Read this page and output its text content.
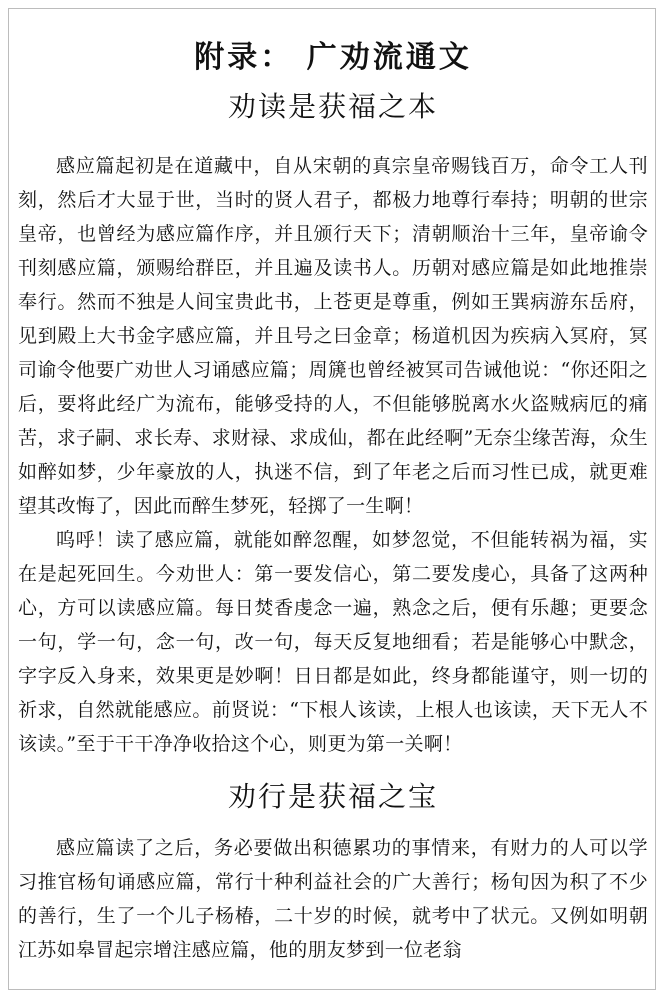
附录： 广劝流通文
劝读是获福之本

感应篇起初是在道藏中，自从宋朝的真宗皇帝赐钱百万，命令工人刊刻，然后才大显于世，当时的贤人君子，都极力地尊行奉持；明朝的世宗皇帝，也曾经为感应篇作序，并且颁行天下；清朝顺治十三年，皇帝谕令刊刻感应篇，颁赐给群臣，并且遍及读书人。历朝对感应篇是如此地推崇奉行。然而不独是人间宝贵此书，上苍更是尊重，例如王巽病游东岳府，见到殿上大书金字感应篇，并且号之曰金章；杨道机因为疾病入冥府，冥司谕令他要广劝世人习诵感应篇；周篪也曾经被冥司告诫他说：“你还阳之后，要将此经广为流布，能够受持的人，不但能够脱离水火盗贼病厄的痛苦，求子嗣、求长寿、求财禄、求成仙，都在此经啊”无奈尘缘苦海，众生如醉如梦，少年豪放的人，执迷不信，到了年老之后而习性已成，就更难望其改悔了，因此而醉生梦死，轻掷了一生啊！

呜呼！读了感应篇，就能如醉忽醒，如梦忽觉，不但能转祸为福，实在是起死回生。今劝世人：第一要发信心，第二要发虔心，具备了这两种心，方可以读感应篇。每日焚香虔念一遍，熟念之后，便有乐趣；更要念一句，学一句，念一句，改一句，每天反复地细看；若是能够心中默念，字字反入身来，效果更是妙啊！日日都是如此，终身都能谨守，则一切的祈求，自然就能感应。前贤说：“下根人该读，上根人也该读，天下无人不该读。”至于干干净净收拾这个心，则更为第一关啊！

劝行是获福之宝

感应篇读了之后，务必要做出积德累功的事情来，有财力的人可以学习推官杨旬诵感应篇，常行十种利益社会的广大善行；杨旬因为积了不少的善行，生了一个儿子杨椿，二十岁的时候，就考中了状元。又例如明朝江苏如皋冒起宗增注感应篇，他的朋友梦到一位老翁
